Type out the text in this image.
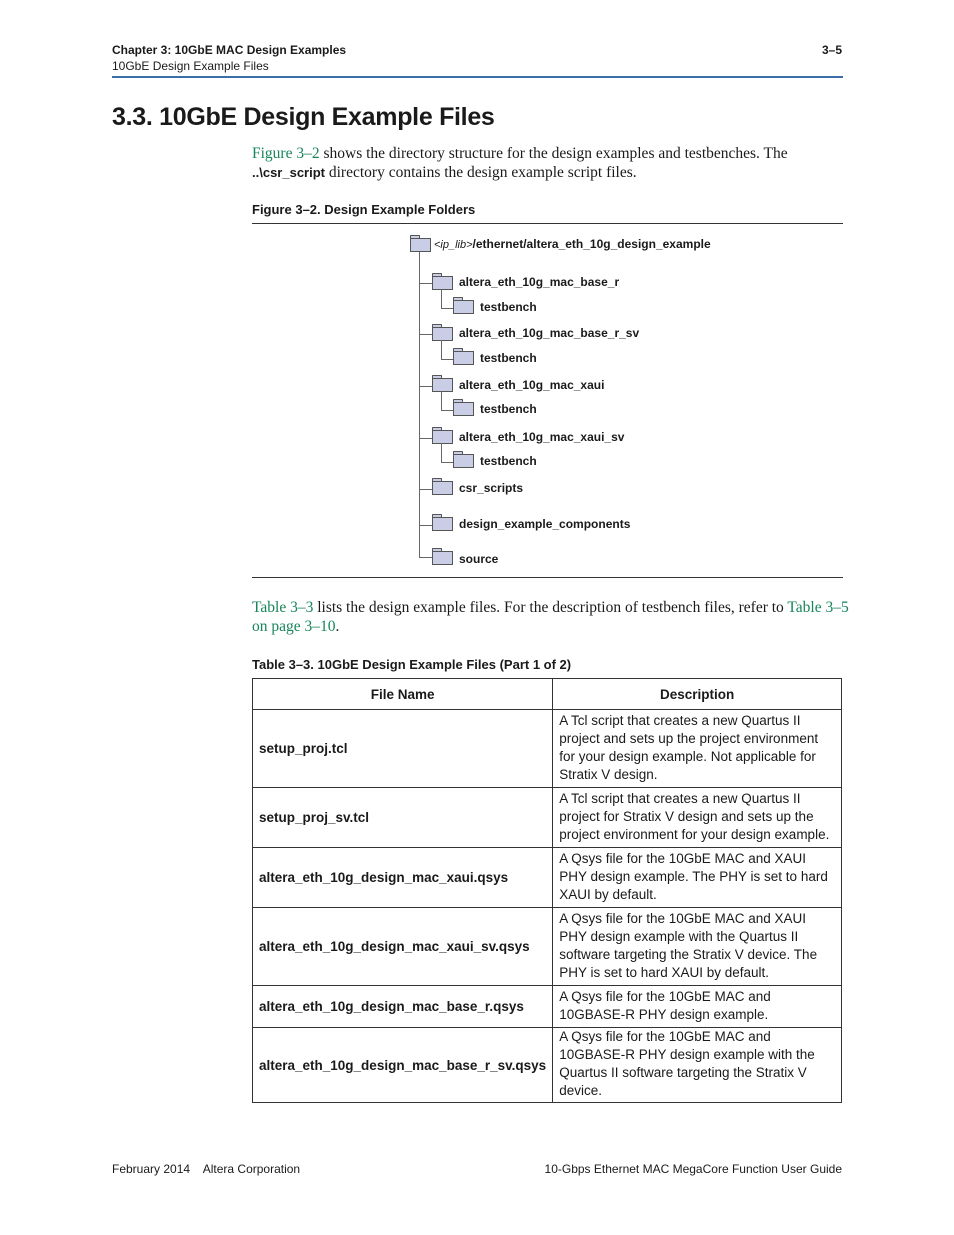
Chapter 3: 10GbE MAC Design Examples
10GbE Design Example Files
3–5
3.3. 10GbE Design Example Files
Figure 3–2 shows the directory structure for the design examples and testbenches. The ..\csr_script directory contains the design example script files.
Figure 3–2. Design Example Folders
<ip_lib>/ethernet/altera_eth_10g_design_example
altera_eth_10g_mac_base_r
testbench
altera_eth_10g_mac_base_r_sv
testbench
altera_eth_10g_mac_xaui
testbench
altera_eth_10g_mac_xaui_sv
testbench
csr_scripts
design_example_components
source
Table 3–3 lists the design example files. For the description of testbench files, refer to Table 3–5 on page 3–10.
Table 3–3. 10GbE Design Example Files (Part 1 of 2)
File Name	Description
setup_proj.tcl	A Tcl script that creates a new Quartus II project and sets up the project environment for your design example. Not applicable for Stratix V design.
setup_proj_sv.tcl	A Tcl script that creates a new Quartus II project for Stratix V design and sets up the project environment for your design example.
altera_eth_10g_design_mac_xaui.qsys	A Qsys file for the 10GbE MAC and XAUI PHY design example. The PHY is set to hard XAUI by default.
altera_eth_10g_design_mac_xaui_sv.qsys	A Qsys file for the 10GbE MAC and XAUI PHY design example with the Quartus II software targeting the Stratix V device. The PHY is set to hard XAUI by default.
altera_eth_10g_design_mac_base_r.qsys	A Qsys file for the 10GbE MAC and 10GBASE-R PHY design example.
altera_eth_10g_design_mac_base_r_sv.qsys	A Qsys file for the 10GbE MAC and 10GBASE-R PHY design example with the Quartus II software targeting the Stratix V device.
February 2014    Altera Corporation	10-Gbps Ethernet MAC MegaCore Function User Guide
